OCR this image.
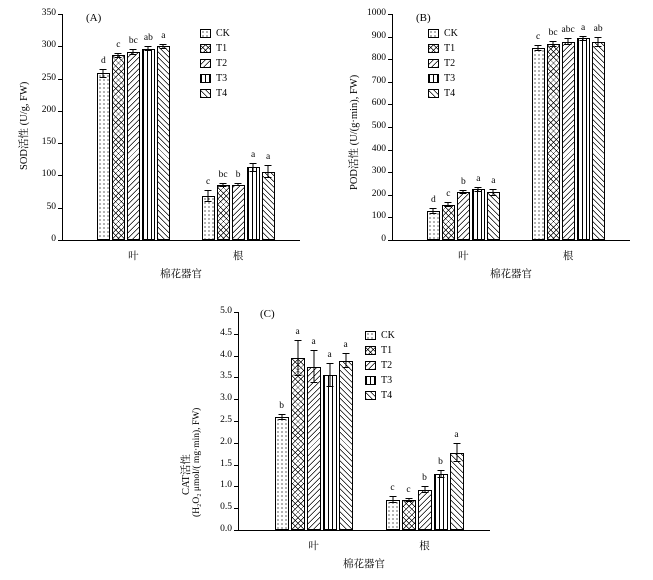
(A)
0
50
100
150
200
250
300
350
SOD活性 (U/g, FW)
d
c bc ab a
叶
c
bc b
a	a
根
棉花器官
CK
T1
T2
T3
T4
(B)
0
100
200
300
400
500
600
700
800
900
1000
POD活性 (U/(g·min), FW)
d
c
b	a	a
叶
c bc abc a ab
根
棉花器官
CK
T1
T2
T3
T4
(C)
0.0
0.5
1.0
1.5
2.0
2.5
3.0
3.5
4.0
4.5
5.0
CAT活性 (H₂O₂ μmol/( mg·min), FW)
b
a
a
a
a
叶
c	c
b
b
a
根
棉花器官
CK
T1
T2
T3
T4
